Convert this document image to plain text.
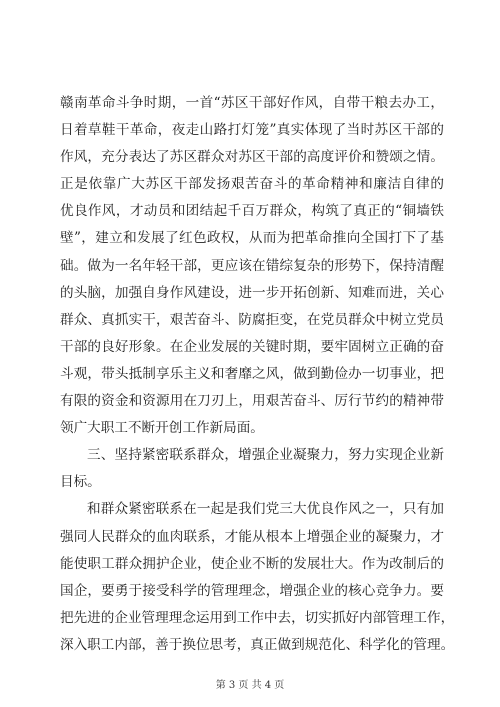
赣南革命斗争时期，一首“苏区干部好作风，自带干粮去办工，
日着草鞋干革命，夜走山路打灯笼”真实体现了当时苏区干部的
作风，充分表达了苏区群众对苏区干部的高度评价和赞颂之情。
正是依靠广大苏区干部发扬艰苦奋斗的革命精神和廉洁自律的
优良作风，才动员和团结起千百万群众，构筑了真正的“铜墙铁
壁”，建立和发展了红色政权，从而为把革命推向全国打下了基
础。做为一名年轻干部，更应该在错综复杂的形势下，保持清醒
的头脑，加强自身作风建设，进一步开拓创新、知难而进，关心
群众、真抓实干，艰苦奋斗、防腐拒变，在党员群众中树立党员
干部的良好形象。在企业发展的关键时期，要牢固树立正确的奋
斗观，带头抵制享乐主义和奢靡之风，做到勤俭办一切事业，把
有限的资金和资源用在刀刃上，用艰苦奋斗、厉行节约的精神带
领广大职工不断开创工作新局面。
三、坚持紧密联系群众，增强企业凝聚力，努力实现企业新
目标。
和群众紧密联系在一起是我们党三大优良作风之一，只有加
强同人民群众的血肉联系，才能从根本上增强企业的凝聚力，才
能使职工群众拥护企业，使企业不断的发展壮大。作为改制后的
国企，要勇于接受科学的管理理念，增强企业的核心竞争力。要
把先进的企业管理理念运用到工作中去，切实抓好内部管理工作，
深入职工内部，善于换位思考，真正做到规范化、科学化的管理。
第 3 页 共 4 页
